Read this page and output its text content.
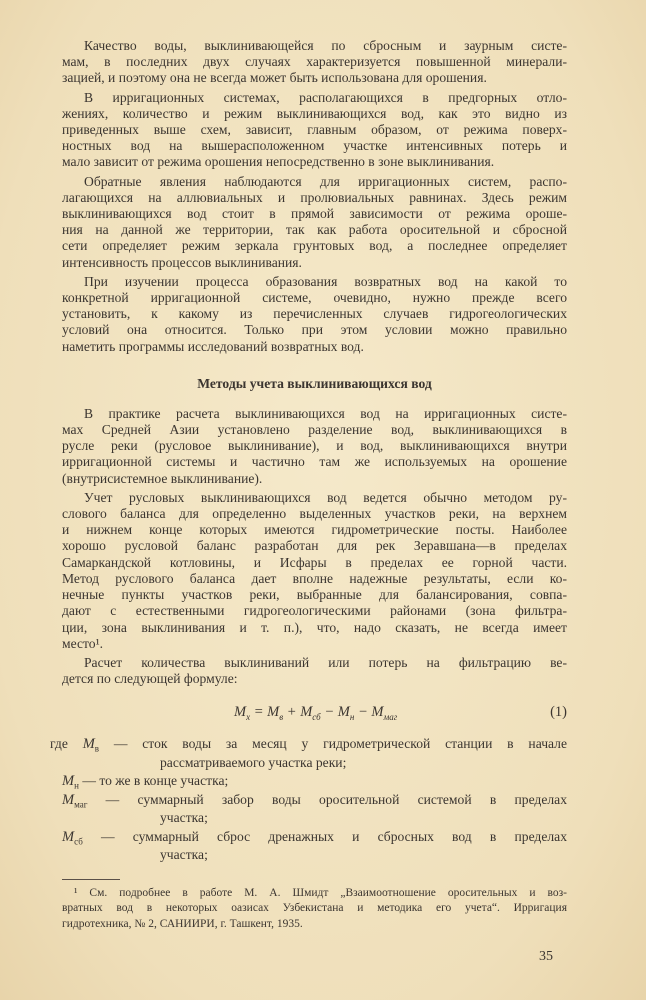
Качество воды, выклинивающейся по сбросным и заурным систе-
мам, в последних двух случаях характеризуется повышенной минерали-
зацией, и поэтому она не всегда может быть использована для орошения.
В ирригационных системах, располагающихся в предгорных отло-
жениях, количество и режим выклинивающихся вод, как это видно из
приведенных выше схем, зависит, главным образом, от режима поверх-
ностных вод на вышерасположенном участке интенсивных потерь и
мало зависит от режима орошения непосредственно в зоне выклинивания.
Обратные явления наблюдаются для ирригационных систем, распо-
лагающихся на аллювиальных и пролювиальных равнинах. Здесь режим
выклинивающихся вод стоит в прямой зависимости от режима ороше-
ния на данной же территории, так как работа оросительной и сбросной
сети определяет режим зеркала грунтовых вод, а последнее определяет
интенсивность процессов выклинивания.
При изучении процесса образования возвратных вод на какой то
конкретной ирригационной системе, очевидно, нужно прежде всего
установить, к какому из перечисленных случаев гидрогеологических
условий она относится. Только при этом условии можно правильно
наметить программы исследований возвратных вод.
Методы учета выклинивающихся вод
В практике расчета выклинивающихся вод на ирригационных систе-
мах Средней Азии установлено разделение вод, выклинивающихся в
русле реки (русловое выклинивание), и вод, выклинивающихся внутри
ирригационной системы и частично там же используемых на орошение
(внутрисистемное выклинивание).
Учет русловых выклинивающихся вод ведется обычно методом ру-
слового баланса для определенно выделенных участков реки, на верхнем
и нижнем конце которых имеются гидрометрические посты. Наиболее
хорошо русловой баланс разработан для рек Зеравшана—в пределах
Самаркандской котловины, и Исфары в пределах ее горной части.
Метод руслового баланса дает вполне надежные результаты, если ко-
нечные пункты участков реки, выбранные для балансирования, совпа-
дают с естественными гидрогеологическими районами (зона фильтра-
ции, зона выклинивания и т. п.), что, надо сказать, не всегда имеет
место¹.
Расчет количества выклиниваний или потерь на фильтрацию ве-
дется по следующей формуле:
$M_x = M_в + M_{сб} - M_н - M_{маг}$	(1)
где $M_в$ — сток воды за месяц у гидрометрической станции в начале
рассматриваемого участка реки;
$M_н$ — то же в конце участка;
$M_{маг}$ — суммарный забор воды оросительной системой в пределах
участка;
$M_{сб}$ — суммарный сброс дренажных и сбросных вод в пределах
участка;
¹ См. подробнее в работе М. А. Шмидт „Взаимоотношение оросительных и воз-
вратных вод в некоторых оазисах Узбекистана и методика его учета“. Ирригация
гидротехника, № 2, САНИИРИ, г. Ташкент, 1935.
35
